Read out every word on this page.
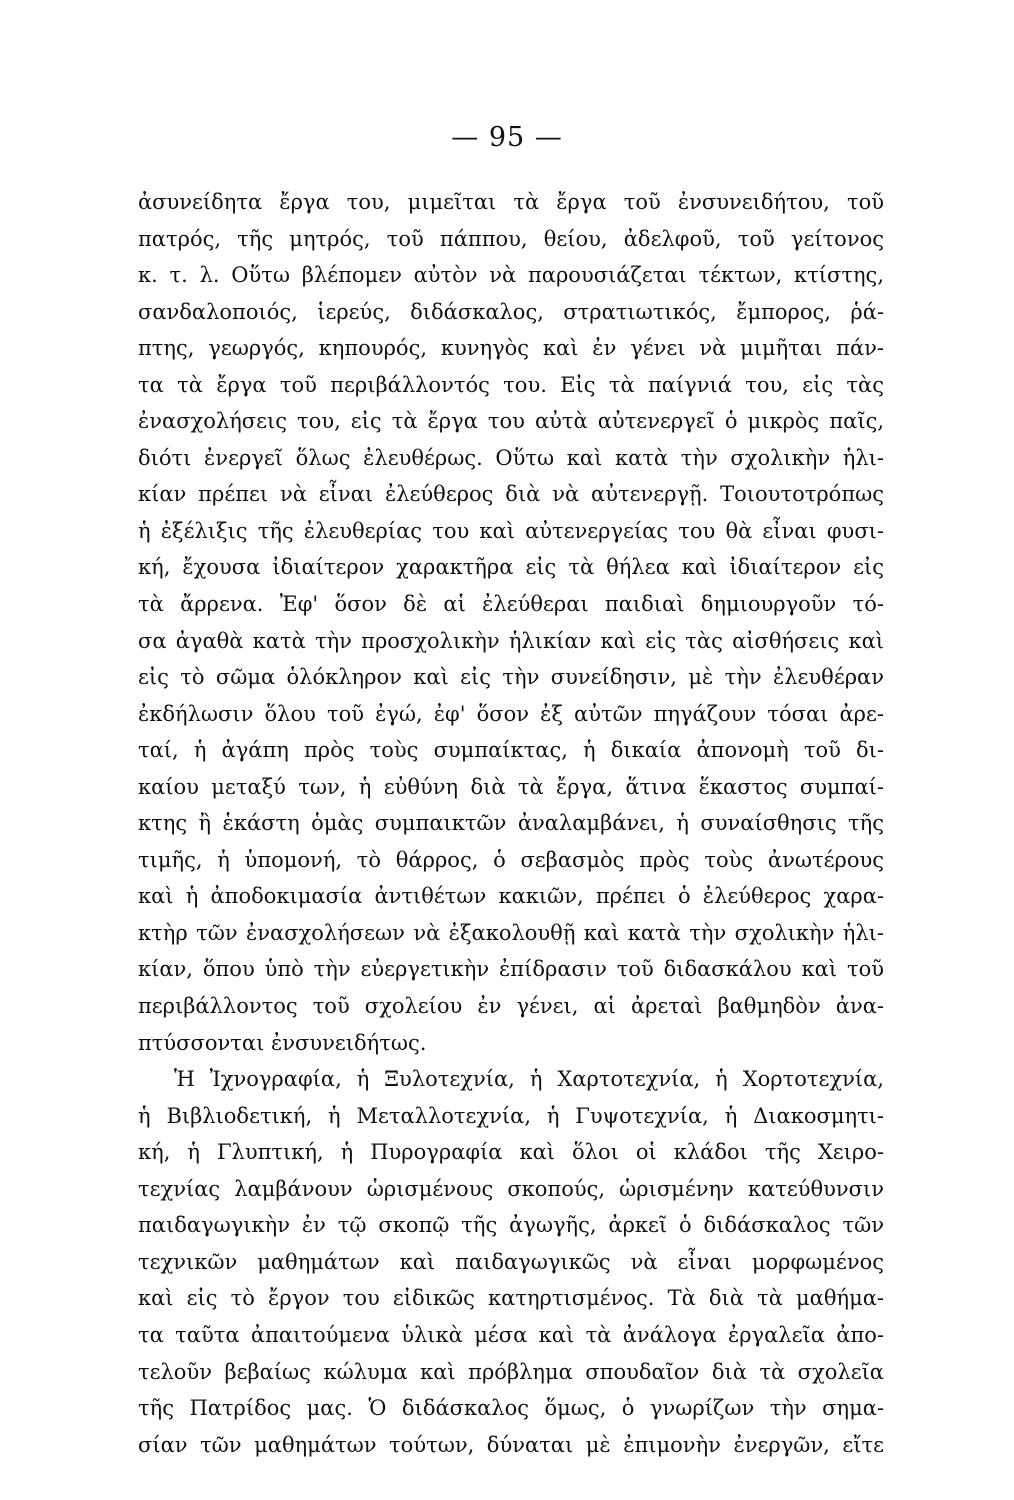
— 95 —
ἀσυνείδητα ἔργα του, μιμεῖται τὰ ἔργα τοῦ ἐνσυνειδήτου, τοῦ
πατρός, τῆς μητρός, τοῦ πάππου, θείου, ἀδελφοῦ, τοῦ γείτονος
κ. τ. λ. Οὕτω βλέπομεν αὐτὸν νὰ παρουσιάζεται τέκτων, κτίστης,
σανδαλοποιός, ἱερεύς, διδάσκαλος, στρατιωτικός, ἔμπορος, ῥά-
πτης, γεωργός, κηπουρός, κυνηγὸς καὶ ἐν γένει νὰ μιμῆται πάν-
τα τὰ ἔργα τοῦ περιβάλλοντός του. Εἰς τὰ παίγνιά του, εἰς τὰς
ἐνασχολήσεις του, εἰς τὰ ἔργα του αὐτὰ αὐτενεργεῖ ὁ μικρὸς παῖς,
διότι ἐνεργεῖ ὅλως ἐλευθέρως. Οὕτω καὶ κατὰ τὴν σχολικὴν ἡλι-
κίαν πρέπει νὰ εἶναι ἐλεύθερος διὰ νὰ αὐτενεργῇ. Τοιουτοτρόπως
ἡ ἐξέλιξις τῆς ἐλευθερίας του καὶ αὐτενεργείας του θὰ εἶναι φυσι-
κή, ἔχουσα ἰδιαίτερον χαρακτῆρα εἰς τὰ θήλεα καὶ ἰδιαίτερον εἰς
τὰ ἄρρενα. Ἐφ' ὅσον δὲ αἱ ἐλεύθεραι παιδιαὶ δημιουργοῦν τό-
σα ἀγαθὰ κατὰ τὴν προσχολικὴν ἡλικίαν καὶ εἰς τὰς αἰσθήσεις καὶ
εἰς τὸ σῶμα ὁλόκληρον καὶ εἰς τὴν συνείδησιν, μὲ τὴν ἐλευθέραν
ἐκδήλωσιν ὅλου τοῦ ἐγώ, ἐφ' ὅσον ἐξ αὐτῶν πηγάζουν τόσαι ἀρε-
ταί, ἡ ἀγάπη πρὸς τοὺς συμπαίκτας, ἡ δικαία ἀπονομὴ τοῦ δι-
καίου μεταξύ των, ἡ εὐθύνη διὰ τὰ ἔργα, ἅτινα ἕκαστος συμπαί-
κτης ἢ ἑκάστη ὁμὰς συμπαικτῶν ἀναλαμβάνει, ἡ συναίσθησις τῆς
τιμῆς, ἡ ὑπομονή, τὸ θάρρος, ὁ σεβασμὸς πρὸς τοὺς ἀνωτέρους
καὶ ἡ ἀποδοκιμασία ἀντιθέτων κακιῶν, πρέπει ὁ ἐλεύθερος χαρα-
κτὴρ τῶν ἐνασχολήσεων νὰ ἐξακολουθῇ καὶ κατὰ τὴν σχολικὴν ἡλι-
κίαν, ὅπου ὑπὸ τὴν εὐεργετικὴν ἐπίδρασιν τοῦ διδασκάλου καὶ τοῦ
περιβάλλοντος τοῦ σχολείου ἐν γένει, αἱ ἀρεταὶ βαθμηδὸν ἀνα-
πτύσσονται ἐνσυνειδήτως.
Ἡ Ἰχνογραφία, ἡ Ξυλοτεχνία, ἡ Χαρτοτεχνία, ἡ Χορτοτεχνία,
ἡ Βιβλιοδετική, ἡ Μεταλλοτεχνία, ἡ Γυψοτεχνία, ἡ Διακοσμητι-
κή, ἡ Γλυπτική, ἡ Πυρογραφία καὶ ὅλοι οἱ κλάδοι τῆς Χειρο-
τεχνίας λαμβάνουν ὡρισμένους σκοπούς, ὡρισμένην κατεύθυνσιν
παιδαγωγικὴν ἐν τῷ σκοπῷ τῆς ἀγωγῆς, ἀρκεῖ ὁ διδάσκαλος τῶν
τεχνικῶν μαθημάτων καὶ παιδαγωγικῶς νὰ εἶναι μορφωμένος
καὶ εἰς τὸ ἔργον του εἰδικῶς κατηρτισμένος. Τὰ διὰ τὰ μαθήμα-
τα ταῦτα ἀπαιτούμενα ὑλικὰ μέσα καὶ τὰ ἀνάλογα ἐργαλεῖα ἀπο-
τελοῦν βεβαίως κώλυμα καὶ πρόβλημα σπουδαῖον διὰ τὰ σχολεῖα
τῆς Πατρίδος μας. Ὁ διδάσκαλος ὅμως, ὁ γνωρίζων τὴν σημα-
σίαν τῶν μαθημάτων τούτων, δύναται μὲ ἐπιμονὴν ἐνεργῶν, εἴτε
